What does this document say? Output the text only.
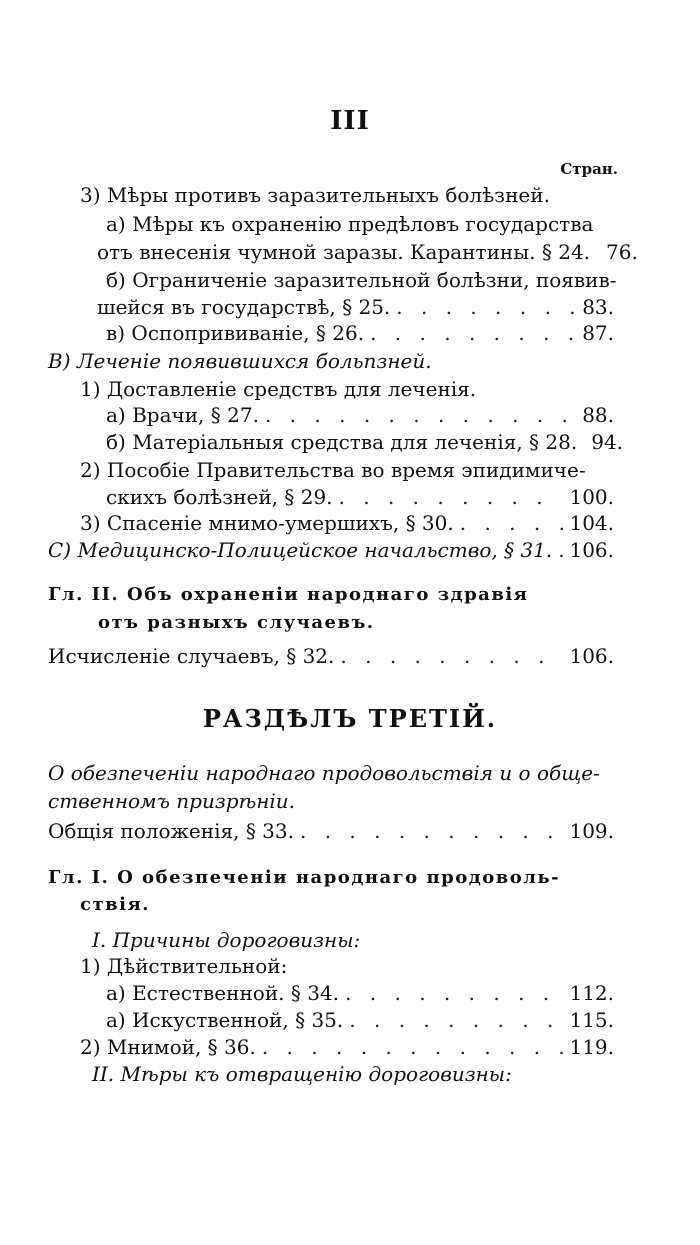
III
Стран.
3) Мѣры противъ заразительныхъ болѣзней.
а) Мѣры къ охраненію предѣловъ государства
отъ внесенія чумной заразы. Карантины. § 24. 76.
б) Ограниченіе заразительной болѣзни, появив-
шейся въ государствѣ, § 25. . . .	83.
в) Оспопрививаніе, § 26. . . .	87.
В) Леченіе появившихся больпзней.
1) Доставленіе средствъ для леченія.
а) Врачи, § 27. . . .	88.
б) Матеріальныя средства для леченія, § 28. 94.
2) Пособіе Правительства во время эпидимиче-
скихъ болѣзней, § 29. . . .	100.
3) Спасеніе мнимо-умершихъ, § 30. . . .	104.
С) Медицинско-Полицейское начальство, § 31. . . . 106.
Гл. II. Объ охраненіи народнаго здравія
отъ разныхъ случаевъ.
Исчисленіе случаевъ, § 32. . . .	106.
РАЗДѢЛЪ ТРЕТІЙ.
О обезпеченіи народнаго продовольствія и о обще-
ственномъ призрѣніи.
Общія положенія, § 33. . . .	109.
Гл. I. О обезпеченіи народнаго продоволь-
ствія.
I. Причины дороговизны:
1) Дѣйствительной:
а) Естественной. § 34. . . .	112.
а) Искуственной, § 35. . . .	115.
2) Мнимой, § 36. . . .	119.
II. Мѣры къ отвращенію дороговизны:
